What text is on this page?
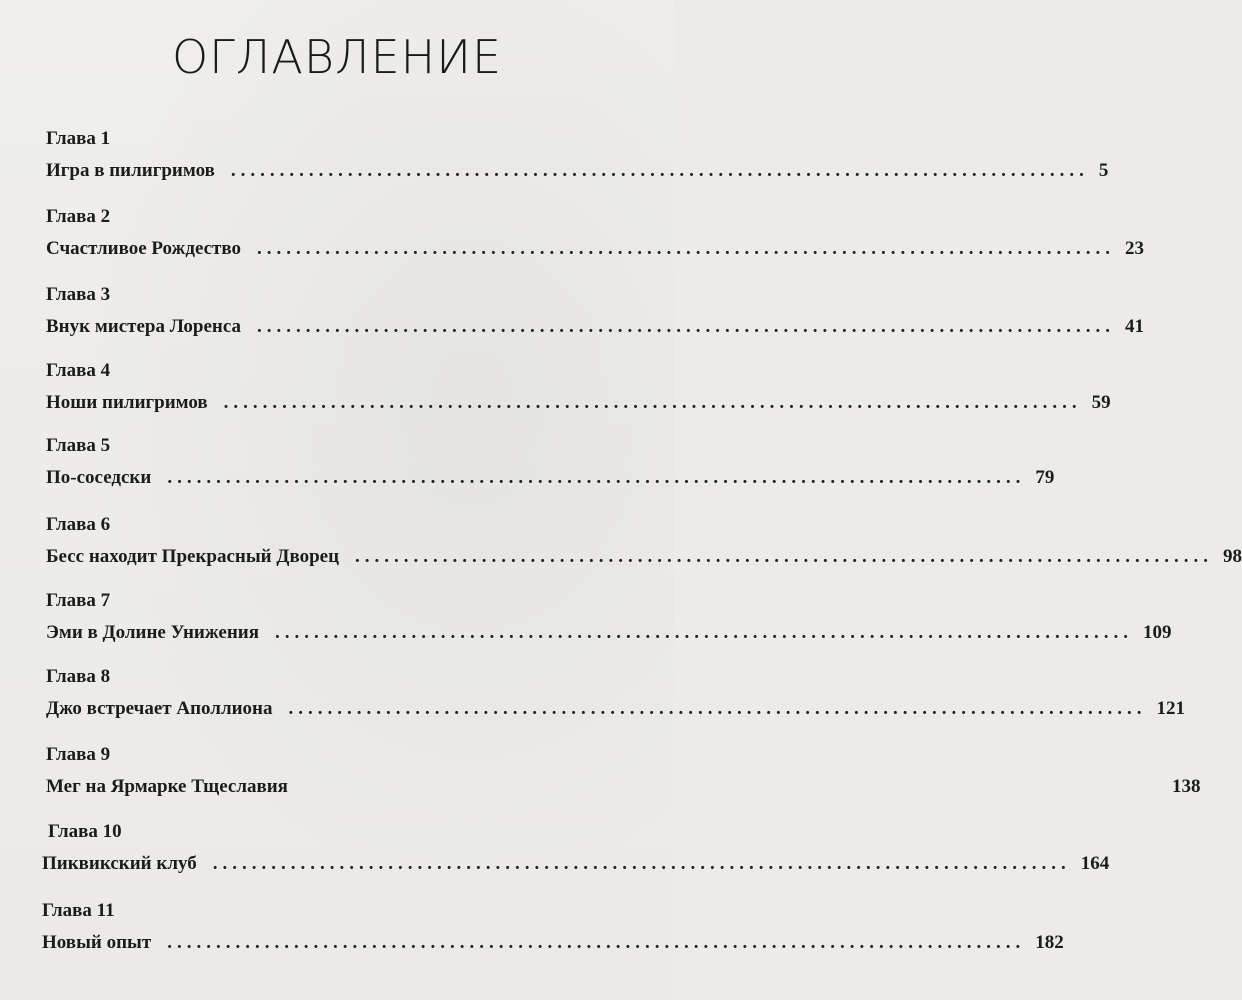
ОГЛАВЛЕНИЕ
Глава 1
Игра в пилигримов ........................................................................................ 5
Глава 2
Счастливое Рождество ........................................................................................ 23
Глава 3
Внук мистера Лоренса ........................................................................................ 41
Глава 4
Ноши пилигримов ........................................................................................ 59
Глава 5
По-соседски ........................................................................................ 79
Глава 6
Бесс находит Прекрасный Дворец ........................................................................................ 98
Глава 7
Эми в Долине Унижения ........................................................................................ 109
Глава 8
Джо встречает Аполлиона ........................................................................................ 121
Глава 9
Мег на Ярмарке Тщеславия	138
Глава 10
Пиквикский клуб ........................................................................................ 164
Глава 11
Новый опыт ........................................................................................ 182
